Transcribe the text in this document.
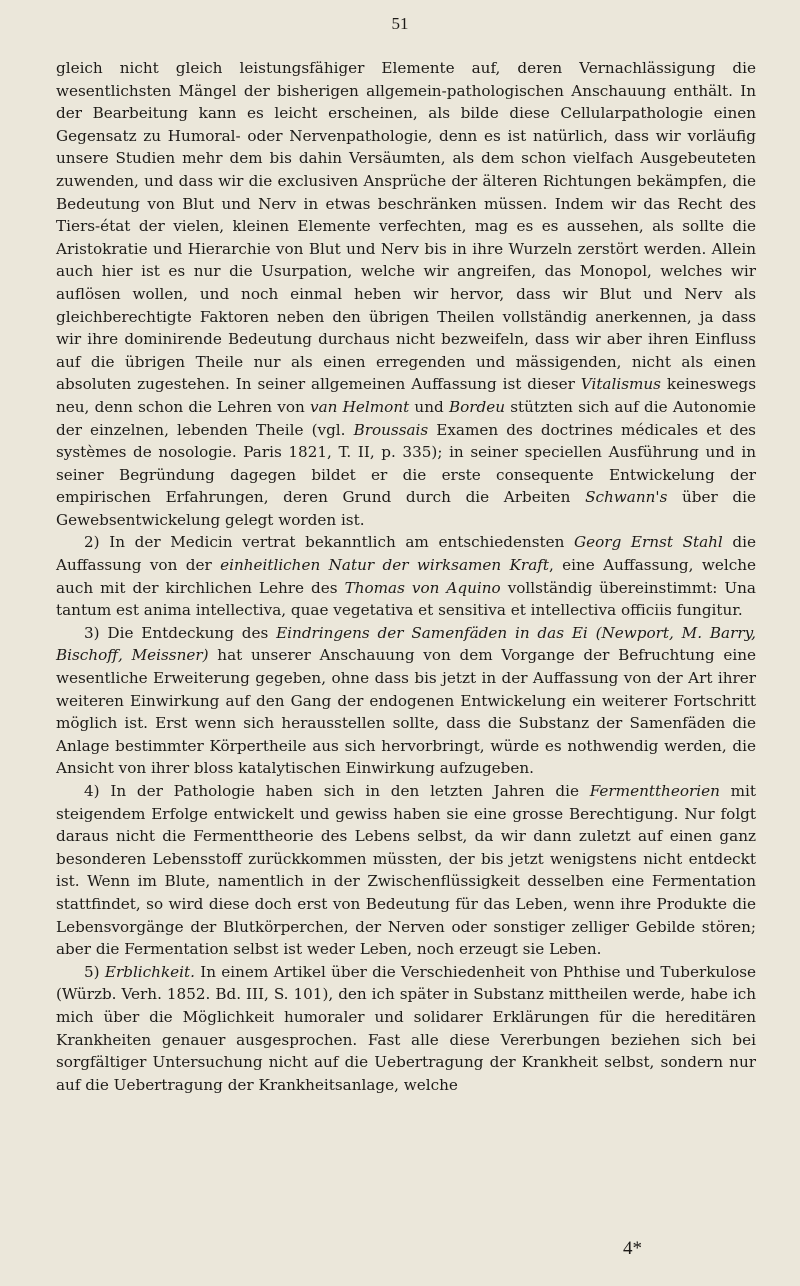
51

gleich nicht gleich leistungsfähiger Elemente auf, deren Vernachlässigung die wesentlichsten Mängel der bisherigen allgemein-pathologischen Anschauung enthält. In der Bearbeitung kann es leicht erscheinen, als bilde diese Cellularpathologie einen Gegensatz zu Humoral- oder Nervenpathologie, denn es ist natürlich, dass wir vorläufig unsere Studien mehr dem bis dahin Versäumten, als dem schon vielfach Ausgebeuteten zuwenden, und dass wir die exclusiven Ansprüche der älteren Richtungen bekämpfen, die Bedeutung von Blut und Nerv in etwas beschränken müssen. Indem wir das Recht des Tiers-état der vielen, kleinen Elemente verfechten, mag es es aussehen, als sollte die Aristokratie und Hierarchie von Blut und Nerv bis in ihre Wurzeln zerstört werden. Allein auch hier ist es nur die Usurpation, welche wir angreifen, das Monopol, welches wir auflösen wollen, und noch einmal heben wir hervor, dass wir Blut und Nerv als gleichberechtigte Faktoren neben den übrigen Theilen vollständig anerkennen, ja dass wir ihre dominirende Bedeutung durchaus nicht bezweifeln, dass wir aber ihren Einfluss auf die übrigen Theile nur als einen erregenden und mässigenden, nicht als einen absoluten zugestehen. In seiner allgemeinen Auffassung ist dieser Vitalismus keineswegs neu, denn schon die Lehren von van Helmont und Bordeu stützten sich auf die Autonomie der einzelnen, lebenden Theile (vgl. Broussais Examen des doctrines médicales et des systèmes de nosologie. Paris 1821, T. II, p. 335); in seiner speciellen Ausführung und in seiner Begründung dagegen bildet er die erste consequente Entwickelung der empirischen Erfahrungen, deren Grund durch die Arbeiten Schwann's über die Gewebsentwickelung gelegt worden ist.

2) In der Medicin vertrat bekanntlich am entschiedensten Georg Ernst Stahl die Auffassung von der einheitlichen Natur der wirksamen Kraft, eine Auffassung, welche auch mit der kirchlichen Lehre des Thomas von Aquino vollständig übereinstimmt: Una tantum est anima intellectiva, quae vegetativa et sensitiva et intellectiva officiis fungitur.

3) Die Entdeckung des Eindringens der Samenfäden in das Ei (Newport, M. Barry, Bischoff, Meissner) hat unserer Anschauung von dem Vorgange der Befruchtung eine wesentliche Erweiterung gegeben, ohne dass bis jetzt in der Auffassung von der Art ihrer weiteren Einwirkung auf den Gang der endogenen Entwickelung ein weiterer Fortschritt möglich ist. Erst wenn sich herausstellen sollte, dass die Substanz der Samenfäden die Anlage bestimmter Körpertheile aus sich hervorbringt, würde es nothwendig werden, die Ansicht von ihrer bloss katalytischen Einwirkung aufzugeben.

4) In der Pathologie haben sich in den letzten Jahren die Fermenttheorien mit steigendem Erfolge entwickelt und gewiss haben sie eine grosse Berechtigung. Nur folgt daraus nicht die Fermenttheorie des Lebens selbst, da wir dann zuletzt auf einen ganz besonderen Lebensstoff zurückkommen müssten, der bis jetzt wenigstens nicht entdeckt ist. Wenn im Blute, namentlich in der Zwischenflüssigkeit desselben eine Fermentation stattfindet, so wird diese doch erst von Bedeutung für das Leben, wenn ihre Produkte die Lebensvorgänge der Blutkörperchen, der Nerven oder sonstiger zelliger Gebilde stören; aber die Fermentation selbst ist weder Leben, noch erzeugt sie Leben.

5) Erblichkeit. In einem Artikel über die Verschiedenheit von Phthise und Tuberkulose (Würzb. Verh. 1852. Bd. III, S. 101), den ich später in Substanz mittheilen werde, habe ich mich über die Möglichkeit humoraler und solidarer Erklärungen für die hereditären Krankheiten genauer ausgesprochen. Fast alle diese Vererbungen beziehen sich bei sorgfältiger Untersuchung nicht auf die Uebertragung der Krankheit selbst, sondern nur auf die Uebertragung der Krankheitsanlage, welche

4*
